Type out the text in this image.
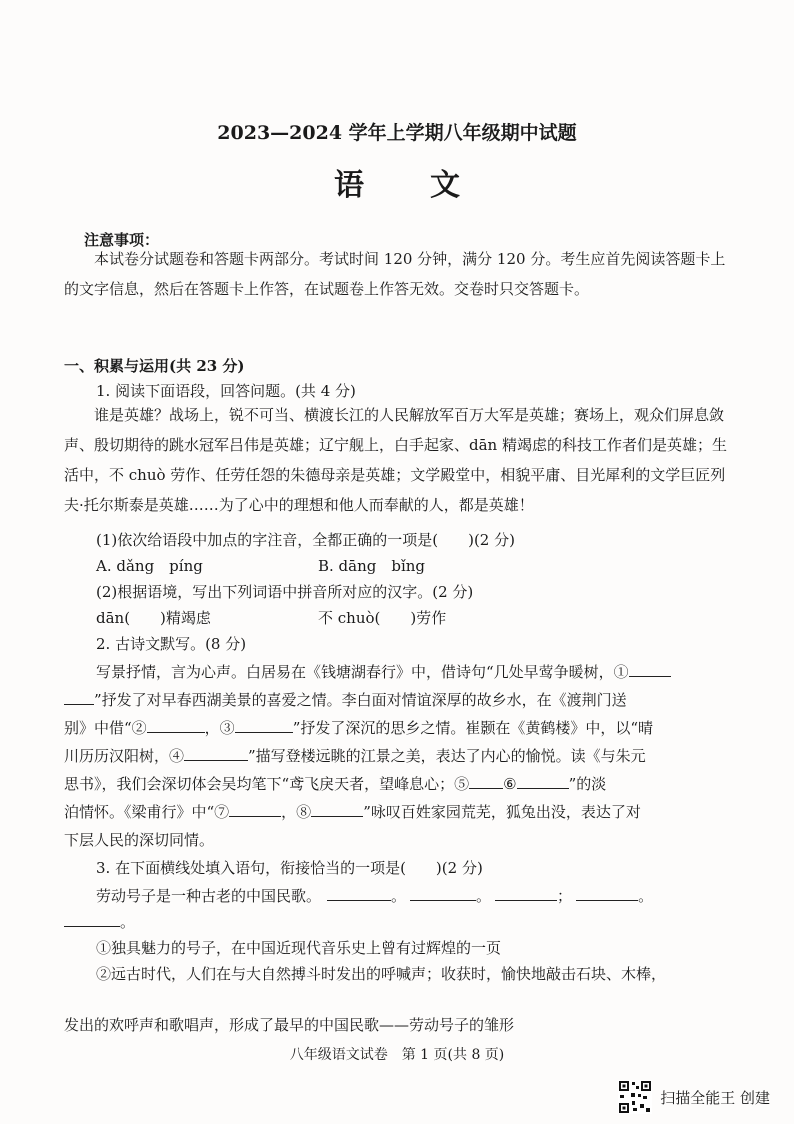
2023—2024 学年上学期八年级期中试题
语文
注意事项：
本试卷分试题卷和答题卡两部分。考试时间 120 分钟，满分 120 分。考生应首先阅读答题卡上的文字信息，然后在答题卡上作答，在试题卷上作答无效。交卷时只交答题卡。
一、积累与运用(共 23 分)
1. 阅读下面语段，回答问题。(共 4 分)
谁是英雄？战场上，锐不可当、横渡长江的人民解放军百万大军是英雄；赛场上，观众们屏息敛声、殷切期待的跳水冠军吕伟是英雄；辽宁舰上，白手起家、dān 精竭虑的科技工作者们是英雄；生活中，不 chuò 劳作、任劳任怨的朱德母亲是英雄；文学殿堂中，相貌平庸、目光犀利的文学巨匠列夫·托尔斯泰是英雄……为了心中的理想和他人而奉献的人，都是英雄！
(1)依次给语段中加点的字注音，全都正确的一项是(　　)(2 分)
A. dǎng　píng	B. dāng　bǐng
(2)根据语境，写出下列词语中拼音所对应的汉字。(2 分)
dān(　　)精竭虑	不 chuò(　　)劳作
2. 古诗文默写。(8 分)
写景抒情，言为心声。白居易在《钱塘湖春行》中，借诗句“几处早莺争暖树，①
”抒发了对早春西湖美景的喜爱之情。李白面对情谊深厚的故乡水，在《渡荆门送
别》中借“②	，③	”抒发了深沉的思乡之情。崔颢在《黄鹤楼》中，以“晴
川历历汉阳树，④	”描写登楼远眺的江景之美，表达了内心的愉悦。读《与朱元
思书》，我们会深切体会吴均笔下“鸢飞戾天者，望峰息心；⑤ ⑥	”的淡
泊情怀。《梁甫行》中“⑦	，⑧	”咏叹百姓家园荒芜，狐兔出没，表达了对
下层人民的深切同情。
3. 在下面横线处填入语句，衔接恰当的一项是(　　)(2 分)
劳动号子是一种古老的中国民歌。	。	。	；	。
。
①独具魅力的号子，在中国近现代音乐史上曾有过辉煌的一页
②远古时代，人们在与大自然搏斗时发出的呼喊声；收获时，愉快地敲击石块、木棒，
发出的欢呼声和歌唱声，形成了最早的中国民歌——劳动号子的雏形
八年级语文试卷　第 1 页(共 8 页)
扫描全能王 创建
